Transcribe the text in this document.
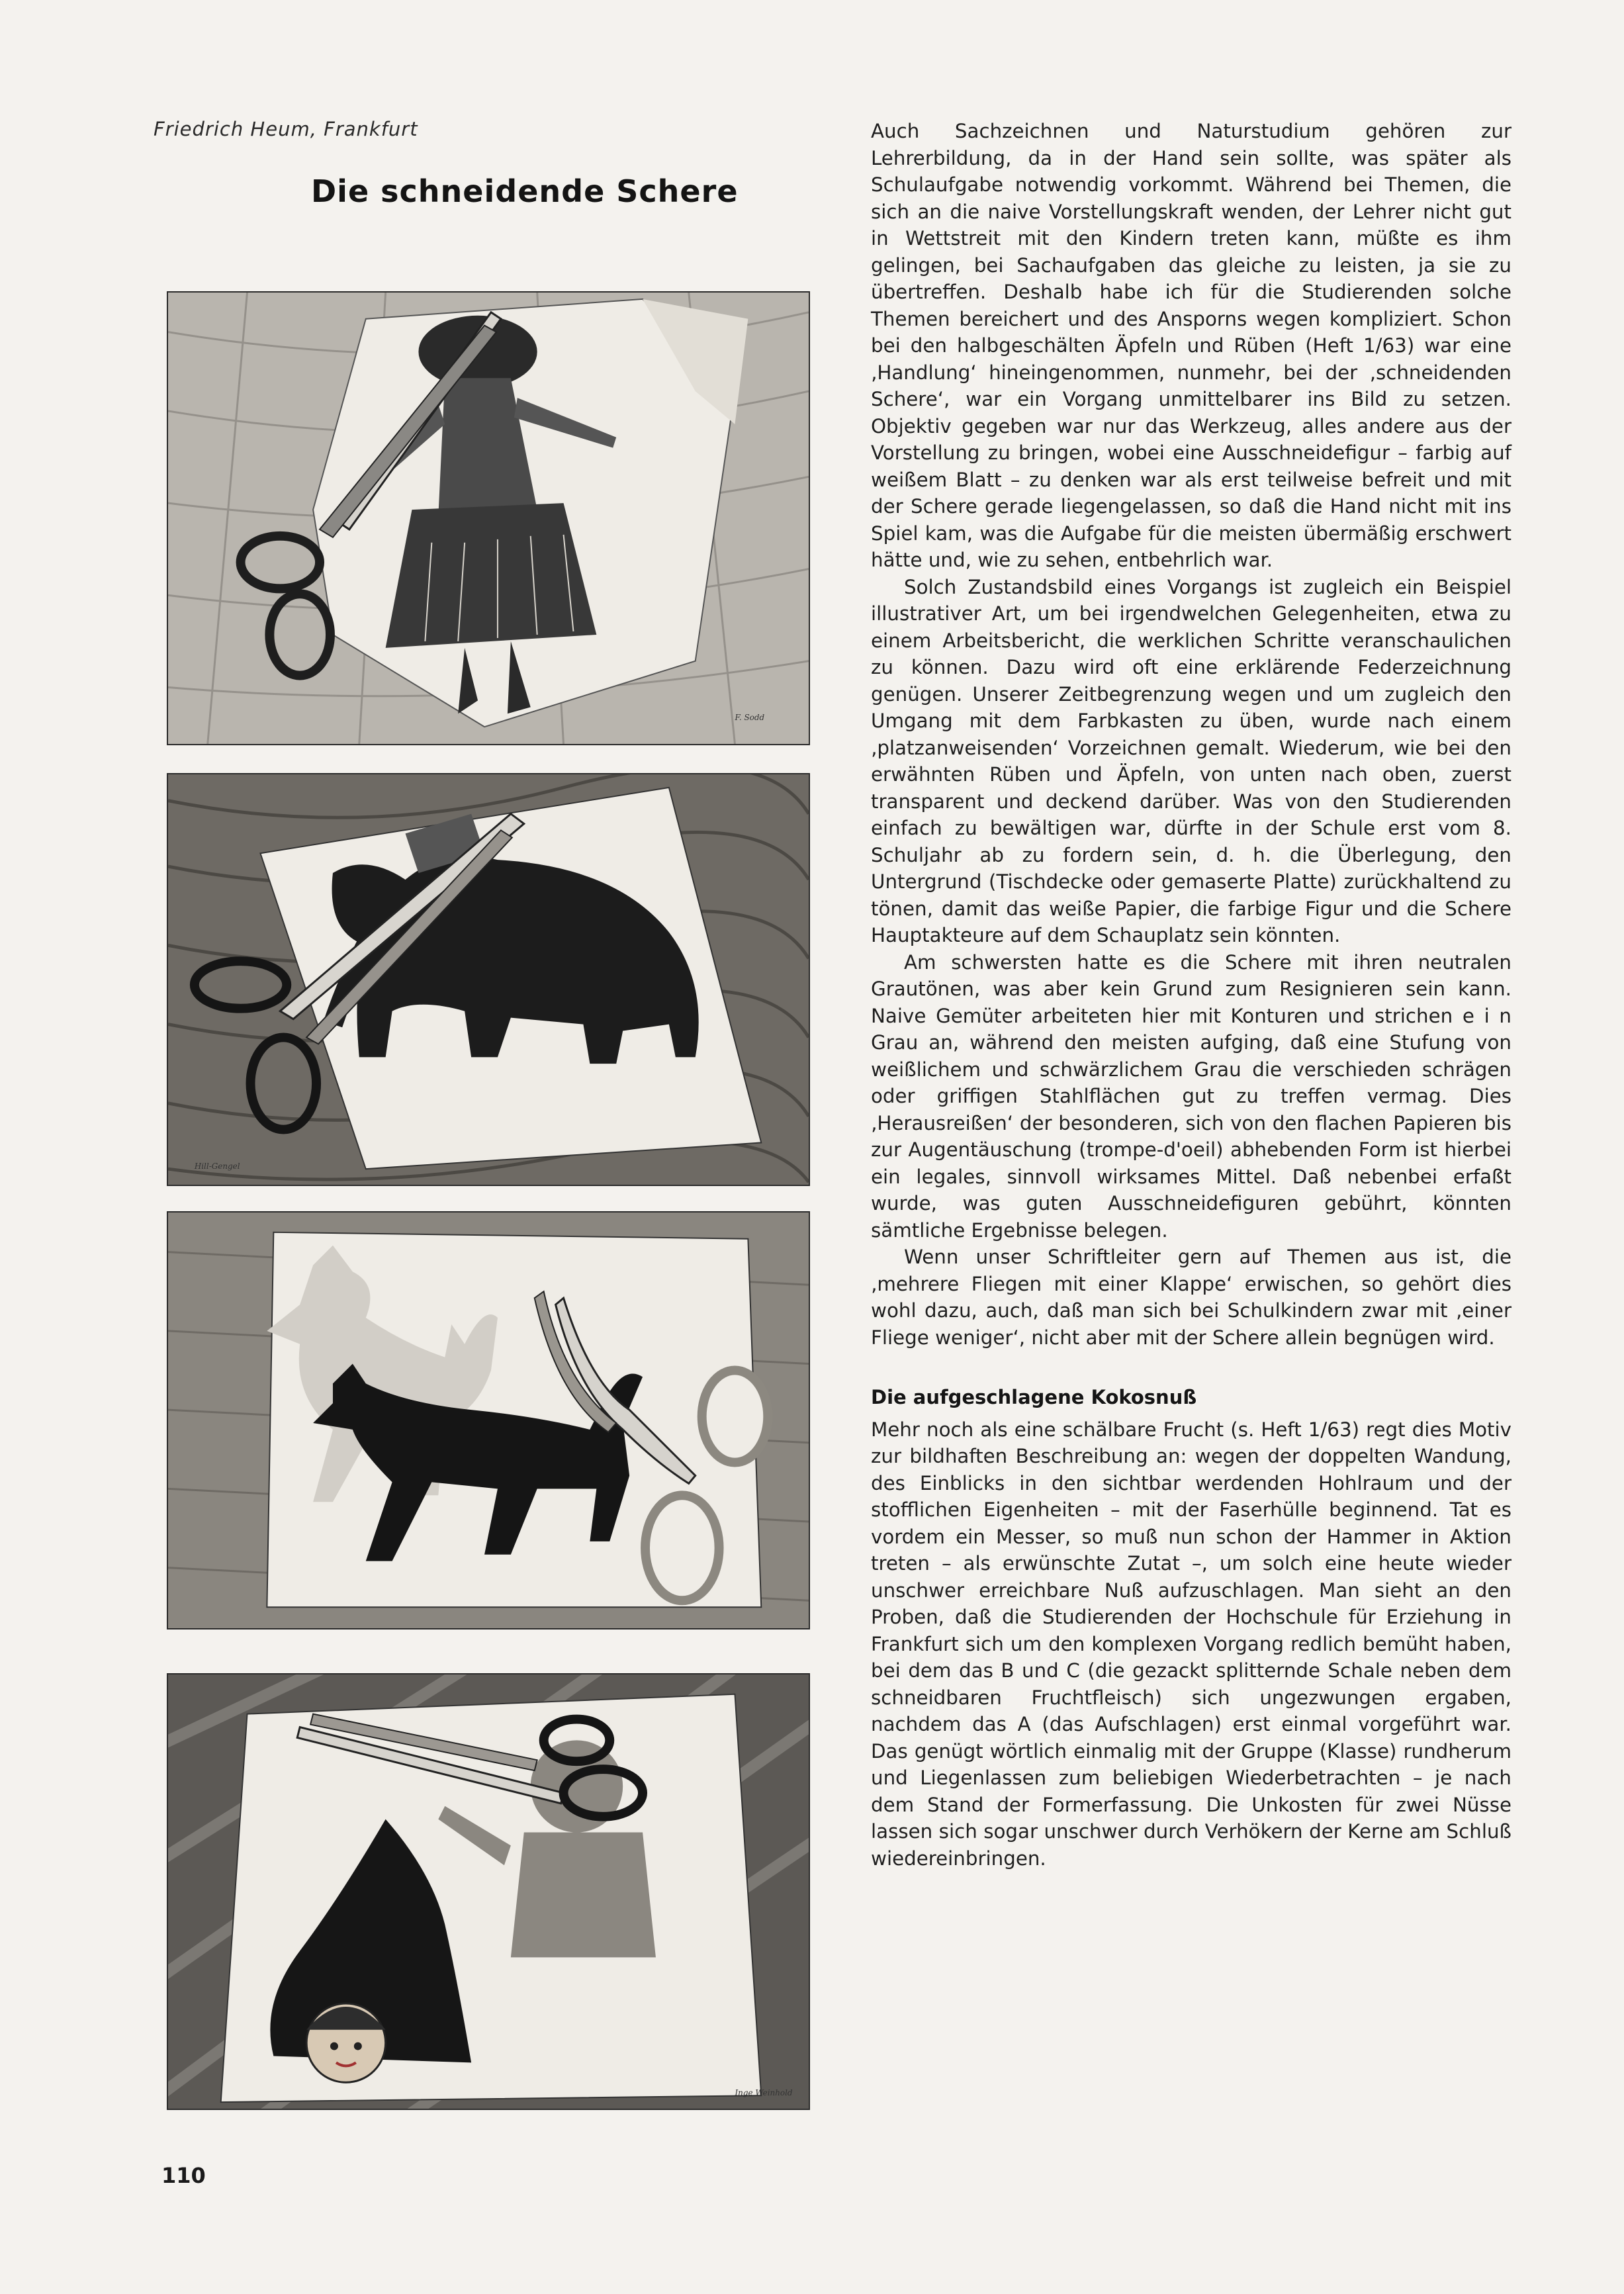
Friedrich Heum, Frankfurt
Die schneidende Schere
F. Sodd
Hill-Gengel
Inge Weinhold

Auch Sachzeichnen und Naturstudium gehören zur Lehrerbildung, da in der Hand sein sollte, was später als Schulaufgabe notwendig vorkommt. Während bei Themen, die sich an die naive Vorstellungskraft wenden, der Lehrer nicht gut in Wettstreit mit den Kindern treten kann, müßte es ihm gelingen, bei Sachaufgaben das gleiche zu leisten, ja sie zu übertreffen. Deshalb habe ich für die Studierenden solche Themen bereichert und des Ansporns wegen kompliziert. Schon bei den halbgeschälten Äpfeln und Rüben (Heft 1/63) war eine ‚Handlung‘ hineingenommen, nunmehr, bei der ‚schneidenden Schere‘, war ein Vorgang unmittelbarer ins Bild zu setzen. Objektiv gegeben war nur das Werkzeug, alles andere aus der Vorstellung zu bringen, wobei eine Ausschneidefigur – farbig auf weißem Blatt – zu denken war als erst teilweise befreit und mit der Schere gerade liegengelassen, so daß die Hand nicht mit ins Spiel kam, was die Aufgabe für die meisten übermäßig erschwert hätte und, wie zu sehen, entbehrlich war.

Solch Zustandsbild eines Vorgangs ist zugleich ein Beispiel illustrativer Art, um bei irgendwelchen Gelegenheiten, etwa zu einem Arbeitsbericht, die werklichen Schritte veranschaulichen zu können. Dazu wird oft eine erklärende Federzeichnung genügen. Unserer Zeitbegrenzung wegen und um zugleich den Umgang mit dem Farbkasten zu üben, wurde nach einem ‚platzanweisenden‘ Vorzeichnen gemalt. Wiederum, wie bei den erwähnten Rüben und Äpfeln, von unten nach oben, zuerst transparent und deckend darüber. Was von den Studierenden einfach zu bewältigen war, dürfte in der Schule erst vom 8. Schuljahr ab zu fordern sein, d. h. die Überlegung, den Untergrund (Tischdecke oder gemaserte Platte) zurückhaltend zu tönen, damit das weiße Papier, die farbige Figur und die Schere Hauptakteure auf dem Schauplatz sein könnten.

Am schwersten hatte es die Schere mit ihren neutralen Grautönen, was aber kein Grund zum Resignieren sein kann. Naive Gemüter arbeiteten hier mit Konturen und strichen e i n Grau an, während den meisten aufging, daß eine Stufung von weißlichem und schwärzlichem Grau die verschieden schrägen oder griffigen Stahlflächen gut zu treffen vermag. Dies ‚Herausreißen‘ der besonderen, sich von den flachen Papieren bis zur Augentäuschung (trompe-d'oeil) abhebenden Form ist hierbei ein legales, sinnvoll wirksames Mittel. Daß nebenbei erfaßt wurde, was guten Ausschneidefiguren gebührt, könnten sämtliche Ergebnisse belegen.

Wenn unser Schriftleiter gern auf Themen aus ist, die ‚mehrere Fliegen mit einer Klappe‘ erwischen, so gehört dies wohl dazu, auch, daß man sich bei Schulkindern zwar mit ‚einer Fliege weniger‘, nicht aber mit der Schere allein begnügen wird.

Die aufgeschlagene Kokosnuß

Mehr noch als eine schälbare Frucht (s. Heft 1/63) regt dies Motiv zur bildhaften Beschreibung an: wegen der doppelten Wandung, des Einblicks in den sichtbar werdenden Hohlraum und der stofflichen Eigenheiten – mit der Faserhülle beginnend. Tat es vordem ein Messer, so muß nun schon der Hammer in Aktion treten – als erwünschte Zutat –, um solch eine heute wieder unschwer erreichbare Nuß aufzuschlagen. Man sieht an den Proben, daß die Studierenden der Hochschule für Erziehung in Frankfurt sich um den komplexen Vorgang redlich bemüht haben, bei dem das B und C (die gezackt splitternde Schale neben dem schneidbaren Fruchtfleisch) sich ungezwungen ergaben, nachdem das A (das Aufschlagen) erst einmal vorgeführt war. Das genügt wörtlich einmalig mit der Gruppe (Klasse) rundherum und Liegenlassen zum beliebigen Wiederbetrachten – je nach dem Stand der Formerfassung. Die Unkosten für zwei Nüsse lassen sich sogar unschwer durch Verhökern der Kerne am Schluß wiedereinbringen.

110
